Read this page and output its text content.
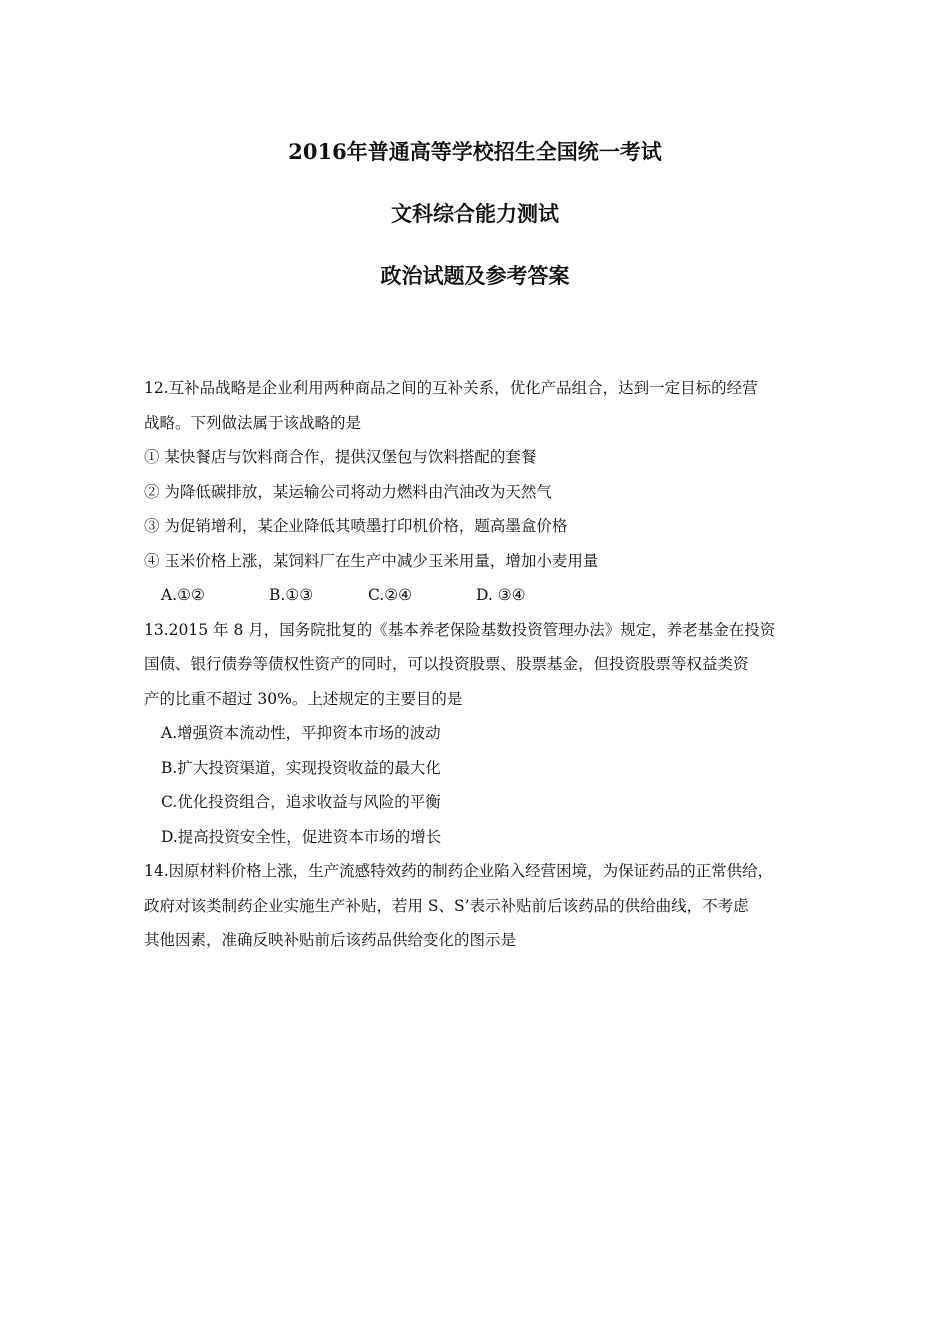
2016年普通高等学校招生全国统一考试
文科综合能力测试
政治试题及参考答案
12.互补品战略是企业利用两种商品之间的互补关系，优化产品组合，达到一定目标的经营
战略。下列做法属于该战略的是
① 某快餐店与饮料商合作，提供汉堡包与饮料搭配的套餐
② 为降低碳排放，某运输公司将动力燃料由汽油改为天然气
③ 为促销增利，某企业降低其喷墨打印机价格，题高墨盒价格
④ 玉米价格上涨，某饲料厂在生产中减少玉米用量，增加小麦用量
A.①②	B.①③	C.②④	D. ③④
13.2015 年 8 月，国务院批复的《基本养老保险基数投资管理办法》规定，养老基金在投资
国债、银行债券等债权性资产的同时，可以投资股票、股票基金，但投资股票等权益类资
产的比重不超过 30%。上述规定的主要目的是
A.增强资本流动性，平抑资本市场的波动
B.扩大投资渠道，实现投资收益的最大化
C.优化投资组合，追求收益与风险的平衡
D.提高投资安全性，促进资本市场的增长
14.因原材料价格上涨，生产流感特效药的制药企业陷入经营困境，为保证药品的正常供给，
政府对该类制药企业实施生产补贴，若用 S、S’表示补贴前后该药品的供给曲线，不考虑
其他因素，准确反映补贴前后该药品供给变化的图示是
